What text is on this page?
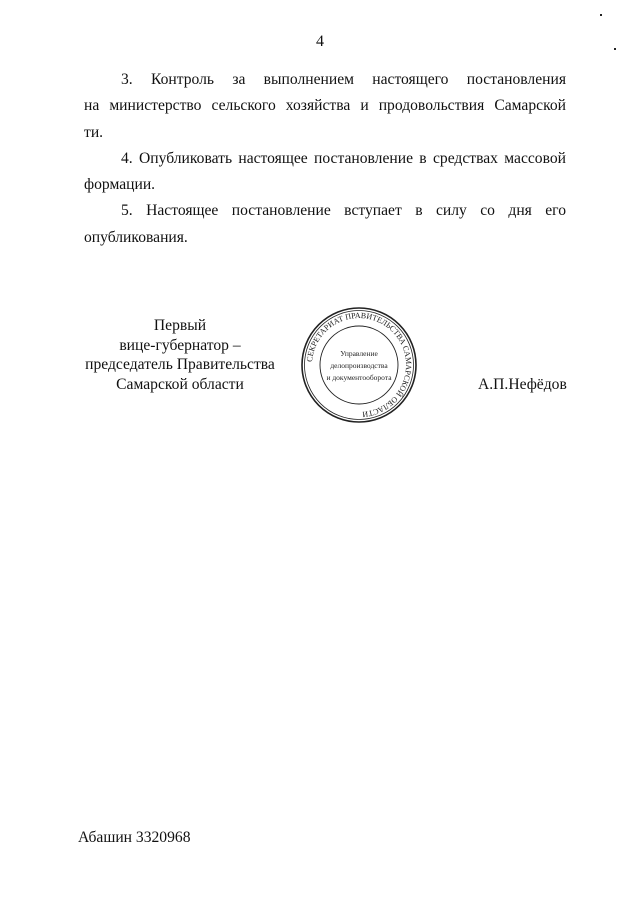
4
3. Контроль за выполнением настоящего постановления
на министерство сельского хозяйства и продовольствия Самарской
ти.
4. Опубликовать настоящее постановление в средствах массовой
формации.
5. Настоящее постановление вступает в силу со дня его
опубликования.
Первый
вице-губернатор –
председатель Правительства
Самарской области
СЕКРЕТАРИАТ ПРАВИТЕЛЬСТВА САМАРСКОЙ ОБЛАСТИ
Управление
делопроизводства
и документооборота	А.П.Нефёдов
Абашин 3320968
